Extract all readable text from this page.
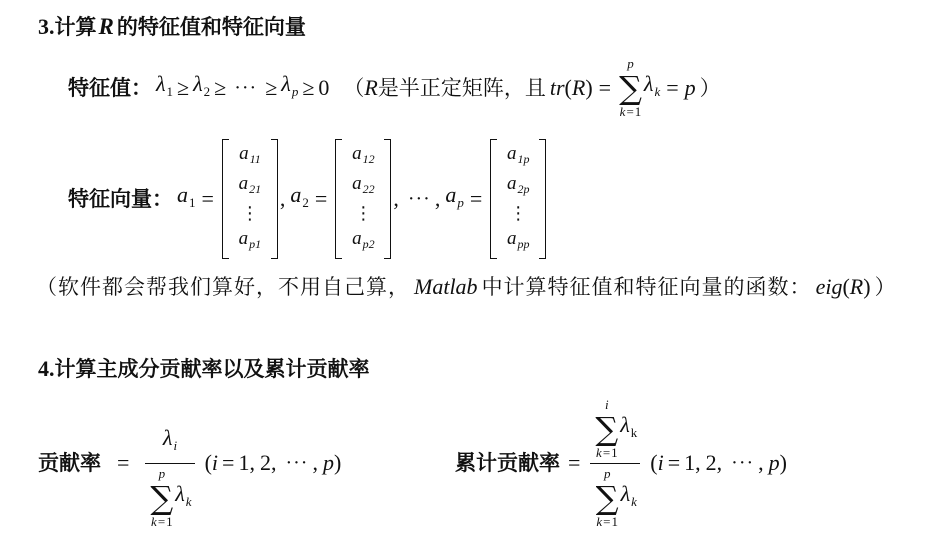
3. 计算 R 的特征值和特征向量
特征值： $\lambda_1 \ge \lambda_2$ ≥ ··· ≥ $\lambda_p \ge 0$ （ R 是半正定矩阵，且 tr ( R ) =
p
∑
k = 1
$\lambda_k = p$ ）
特征向量： $a_1$ =
$a_{11}$
$a_{21}$
⋮
$a_{p1}$
, $a_2$ =
$a_{12}$
$a_{22}$
⋮
$a_{p2}$
, ··· , $a_p$ =
$a_{1p}$
$a_{2p}$
⋮
$a_{pp}$
（ 软件都会帮我们算好，不用自己算， Matlab 中计算特征值和特征向量的函数： eig ( R ) ）
4. 计算主成分贡献率以及累计贡献率
贡献率 = $\lambda_i$
p
∑
k = 1
$\lambda_k$ ( i = 1 , 2 , ··· , p )	累计贡献率 = i
∑
k = 1
$\lambda_k$
p
∑
k = 1
$\lambda_k$ ( i = 1 , 2 , ··· , p )
